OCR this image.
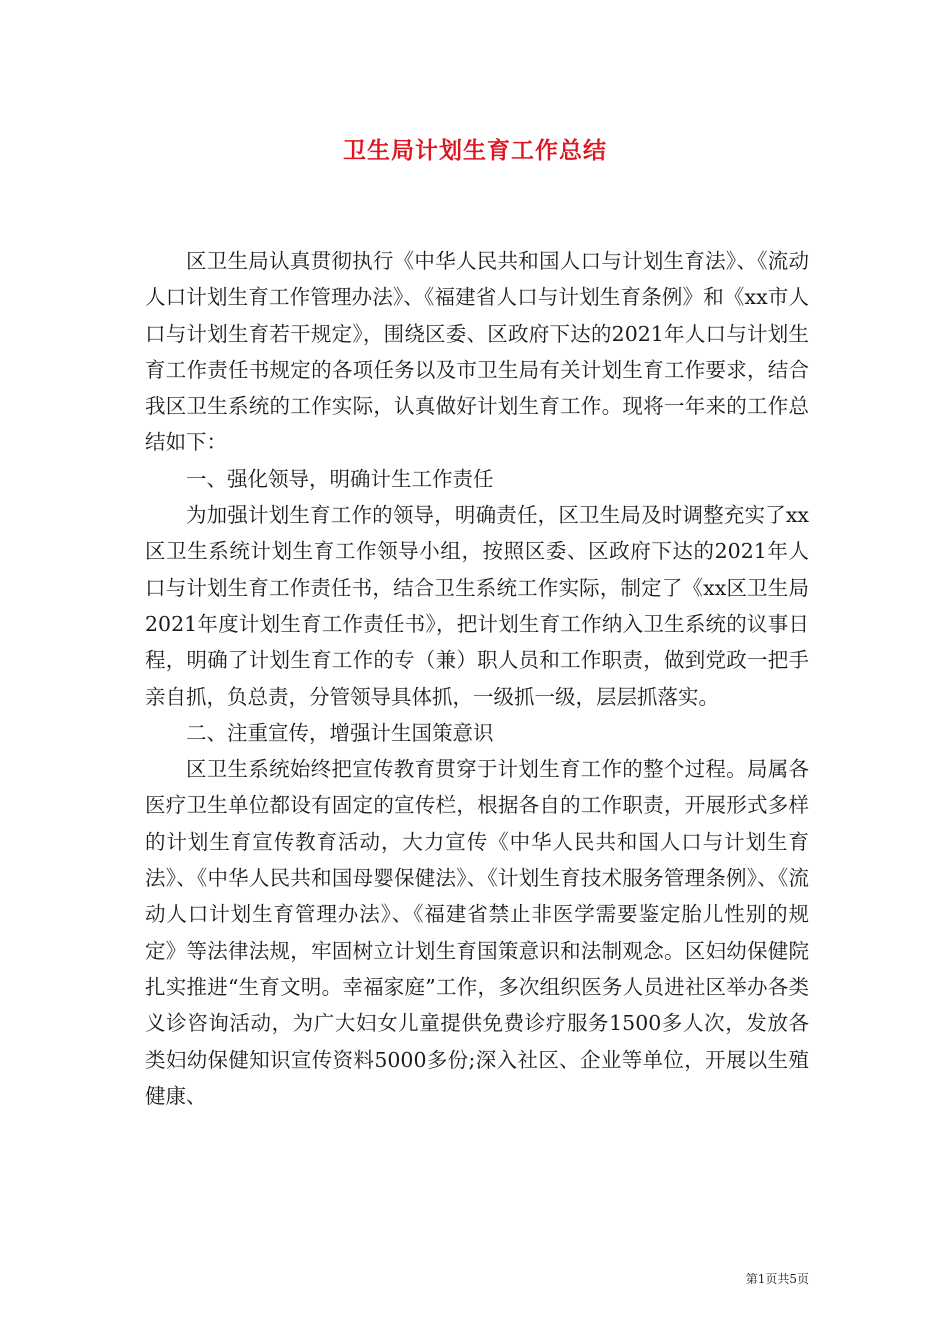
卫生局计划生育工作总结

区卫生局认真贯彻执行《中华人民共和国人口与计划生育法》、《流动人口计划生育工作管理办法》、《福建省人口与计划生育条例》和《xx市人口与计划生育若干规定》，围绕区委、区政府下达的2021年人口与计划生育工作责任书规定的各项任务以及市卫生局有关计划生育工作要求，结合我区卫生系统的工作实际，认真做好计划生育工作。现将一年来的工作总结如下：

一、强化领导，明确计生工作责任

为加强计划生育工作的领导，明确责任，区卫生局及时调整充实了xx区卫生系统计划生育工作领导小组，按照区委、区政府下达的2021年人口与计划生育工作责任书，结合卫生系统工作实际，制定了《xx区卫生局2021年度计划生育工作责任书》，把计划生育工作纳入卫生系统的议事日程，明确了计划生育工作的专（兼）职人员和工作职责，做到党政一把手亲自抓，负总责，分管领导具体抓，一级抓一级，层层抓落实。

二、注重宣传，增强计生国策意识

区卫生系统始终把宣传教育贯穿于计划生育工作的整个过程。局属各医疗卫生单位都设有固定的宣传栏，根据各自的工作职责，开展形式多样的计划生育宣传教育活动，大力宣传《中华人民共和国人口与计划生育法》、《中华人民共和国母婴保健法》、《计划生育技术服务管理条例》、《流动人口计划生育管理办法》、《福建省禁止非医学需要鉴定胎儿性别的规定》等法律法规，牢固树立计划生育国策意识和法制观念。区妇幼保健院扎实推进“生育文明。幸福家庭”工作，多次组织医务人员进社区举办各类义诊咨询活动，为广大妇女儿童提供免费诊疗服务1500多人次，发放各类妇幼保健知识宣传资料5000多份;深入社区、企业等单位，开展以生殖健康、

第1页共5页
